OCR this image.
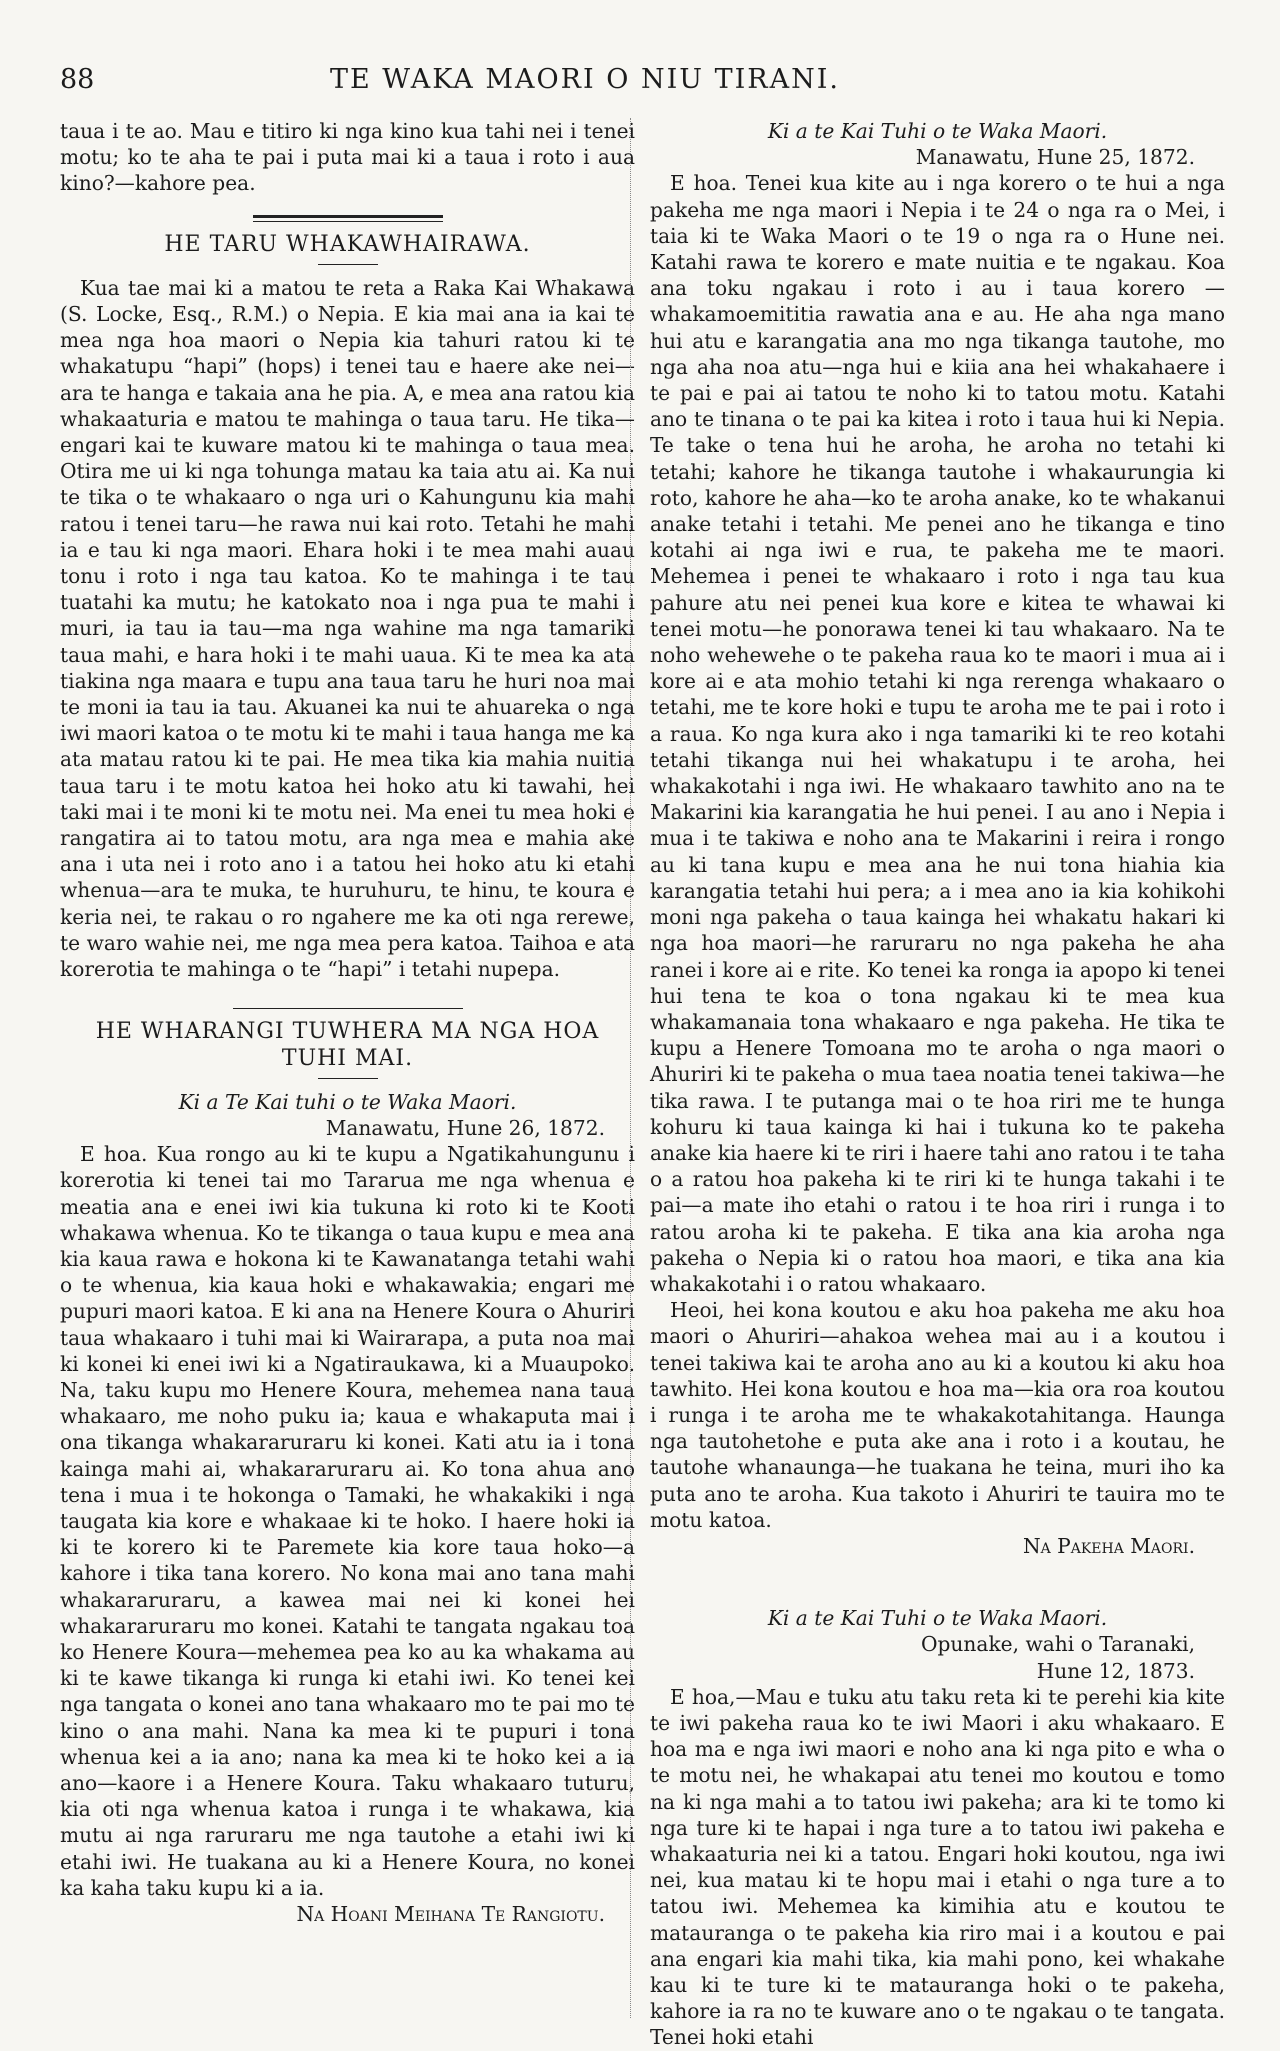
88	TE WAKA MAORI O NIU TIRANI.

taua i te ao. Mau e titiro ki nga kino kua tahi nei i tenei motu; ko te aha te pai i puta mai ki a taua i roto i aua kino?—kahore pea.

HE TARU WHAKAWHAIRAWA.

Kua tae mai ki a matou te reta a Raka Kai Whakawa (S. Locke, Esq., R.M.) o Nepia. E kia mai ana ia kai te mea nga hoa maori o Nepia kia tahuri ratou ki te whakatupu “hapi” (hops) i tenei tau e haere ake nei—ara te hanga e takaia ana he pia. A, e mea ana ratou kia whakaaturia e matou te mahinga o taua taru. He tika—engari kai te kuware matou ki te mahinga o taua mea. Otira me ui ki nga tohunga matau ka taia atu ai. Ka nui te tika o te whakaaro o nga uri o Kahungunu kia mahi ratou i tenei taru—he rawa nui kai roto. Tetahi he mahi ia e tau ki nga maori. Ehara hoki i te mea mahi auau tonu i roto i nga tau katoa. Ko te mahinga i te tau tuatahi ka mutu; he katokato noa i nga pua te mahi i muri, ia tau ia tau—ma nga wahine ma nga tamariki taua mahi, e hara hoki i te mahi uaua. Ki te mea ka ata tiakina nga maara e tupu ana taua taru he huri noa mai te moni ia tau ia tau. Akuanei ka nui te ahuareka o nga iwi maori katoa o te motu ki te mahi i taua hanga me ka ata matau ratou ki te pai. He mea tika kia mahia nuitia taua taru i te motu katoa hei hoko atu ki tawahi, hei taki mai i te moni ki te motu nei. Ma enei tu mea hoki e rangatira ai to tatou motu, ara nga mea e mahia ake ana i uta nei i roto ano i a tatou hei hoko atu ki etahi whenua—ara te muka, te huruhuru, te hinu, te koura e keria nei, te rakau o ro ngahere me ka oti nga rerewe, te waro wahie nei, me nga mea pera katoa. Taihoa e ata korerotia te mahinga o te “hapi” i tetahi nupepa.

HE WHARANGI TUWHERA MA NGA HOA TUHI MAI.

Ki a Te Kai tuhi o te Waka Maori.

Manawatu, Hune 26, 1872.

E hoa. Kua rongo au ki te kupu a Ngatikahungunu i korerotia ki tenei tai mo Tararua me nga whenua e meatia ana e enei iwi kia tukuna ki roto ki te Kooti whakawa whenua. Ko te tikanga o taua kupu e mea ana kia kaua rawa e hokona ki te Kawanatanga tetahi wahi o te whenua, kia kaua hoki e whakawakia; engari me pupuri maori katoa. E ki ana na Henere Koura o Ahuriri taua whakaaro i tuhi mai ki Wairarapa, a puta noa mai ki konei ki enei iwi ki a Ngatiraukawa, ki a Muaupoko. Na, taku kupu mo Henere Koura, mehemea nana taua whakaaro, me noho puku ia; kaua e whakaputa mai i ona tikanga whakararuraru ki konei. Kati atu ia i tona kainga mahi ai, whakararuraru ai. Ko tona ahua ano tena i mua i te hokonga o Tamaki, he whakakiki i nga taugata kia kore e whakaae ki te hoko. I haere hoki ia ki te korero ki te Paremete kia kore taua hoko—a kahore i tika tana korero. No kona mai ano tana mahi whakararuraru, a kawea mai nei ki konei hei whakararuraru mo konei. Katahi te tangata ngakau toa ko Henere Koura—mehemea pea ko au ka whakama au ki te kawe tikanga ki runga ki etahi iwi. Ko tenei kei nga tangata o konei ano tana whakaaro mo te pai mo te kino o ana mahi. Nana ka mea ki te pupuri i tona whenua kei a ia ano; nana ka mea ki te hoko kei a ia ano—kaore i a Henere Koura. Taku whakaaro tuturu, kia oti nga whenua katoa i runga i te whakawa, kia mutu ai nga raruraru me nga tautohe a etahi iwi ki etahi iwi. He tuakana au ki a Henere Koura, no konei ka kaha taku kupu ki a ia.

Na Hoani Meihana Te Rangiotu.

Ki a te Kai Tuhi o te Waka Maori.

Manawatu, Hune 25, 1872.

E hoa. Tenei kua kite au i nga korero o te hui a nga pakeha me nga maori i Nepia i te 24 o nga ra o Mei, i taia ki te Waka Maori o te 19 o nga ra o Hune nei. Katahi rawa te korero e mate nuitia e te ngakau. Koa ana toku ngakau i roto i au i taua korero —whakamoemititia rawatia ana e au. He aha nga mano hui atu e karangatia ana mo nga tikanga tautohe, mo nga aha noa atu—nga hui e kiia ana hei whakahaere i te pai e pai ai tatou te noho ki to tatou motu. Katahi ano te tinana o te pai ka kitea i roto i taua hui ki Nepia. Te take o tena hui he aroha, he aroha no tetahi ki tetahi; kahore he tikanga tautohe i whakaurungia ki roto, kahore he aha—ko te aroha anake, ko te whakanui anake tetahi i tetahi. Me penei ano he tikanga e tino kotahi ai nga iwi e rua, te pakeha me te maori. Mehemea i penei te whakaaro i roto i nga tau kua pahure atu nei penei kua kore e kitea te whawai ki tenei motu—he ponorawa tenei ki tau whakaaro. Na te noho wehewehe o te pakeha raua ko te maori i mua ai i kore ai e ata mohio tetahi ki nga rerenga whakaaro o tetahi, me te kore hoki e tupu te aroha me te pai i roto i a raua. Ko nga kura ako i nga tamariki ki te reo kotahi tetahi tikanga nui hei whakatupu i te aroha, hei whakakotahi i nga iwi. He whakaaro tawhito ano na te Makarini kia karangatia he hui penei. I au ano i Nepia i mua i te takiwa e noho ana te Makarini i reira i rongo au ki tana kupu e mea ana he nui tona hiahia kia karangatia tetahi hui pera; a i mea ano ia kia kohikohi moni nga pakeha o taua kainga hei whakatu hakari ki nga hoa maori—he raruraru no nga pakeha he aha ranei i kore ai e rite. Ko tenei ka ronga ia apopo ki tenei hui tena te koa o tona ngakau ki te mea kua whakamanaia tona whakaaro e nga pakeha. He tika te kupu a Henere Tomoana mo te aroha o nga maori o Ahuriri ki te pakeha o mua taea noatia tenei takiwa—he tika rawa. I te putanga mai o te hoa riri me te hunga kohuru ki taua kainga ki hai i tukuna ko te pakeha anake kia haere ki te riri i haere tahi ano ratou i te taha o a ratou hoa pakeha ki te riri ki te hunga takahi i te pai—a mate iho etahi o ratou i te hoa riri i runga i to ratou aroha ki te pakeha. E tika ana kia aroha nga pakeha o Nepia ki o ratou hoa maori, e tika ana kia whakakotahi i o ratou whakaaro.

Heoi, hei kona koutou e aku hoa pakeha me aku hoa maori o Ahuriri—ahakoa wehea mai au i a koutou i tenei takiwa kai te aroha ano au ki a koutou ki aku hoa tawhito. Hei kona koutou e hoa ma—kia ora roa koutou i runga i te aroha me te whakakotahitanga. Haunga nga tautohetohe e puta ake ana i roto i a koutau, he tautohe whanaunga—he tuakana he teina, muri iho ka puta ano te aroha. Kua takoto i Ahuriri te tauira mo te motu katoa.

Na Pakeha Maori.

Ki a te Kai Tuhi o te Waka Maori.

Opunake, wahi o Taranaki,

Hune 12, 1873.

E hoa,—Mau e tuku atu taku reta ki te perehi kia kite te iwi pakeha raua ko te iwi Maori i aku whakaaro. E hoa ma e nga iwi maori e noho ana ki nga pito e wha o te motu nei, he whakapai atu tenei mo koutou e tomo na ki nga mahi a to tatou iwi pakeha; ara ki te tomo ki nga ture ki te hapai i nga ture a to tatou iwi pakeha e whakaaturia nei ki a tatou. Engari hoki koutou, nga iwi nei, kua matau ki te hopu mai i etahi o nga ture a to tatou iwi. Mehemea ka kimihia atu e koutou te matauranga o te pakeha kia riro mai i a koutou e pai ana engari kia mahi tika, kia mahi pono, kei whakahe kau ki te ture ki te matauranga hoki o te pakeha, kahore ia ra no te kuware ano o te ngakau o te tangata. Tenei hoki etahi
